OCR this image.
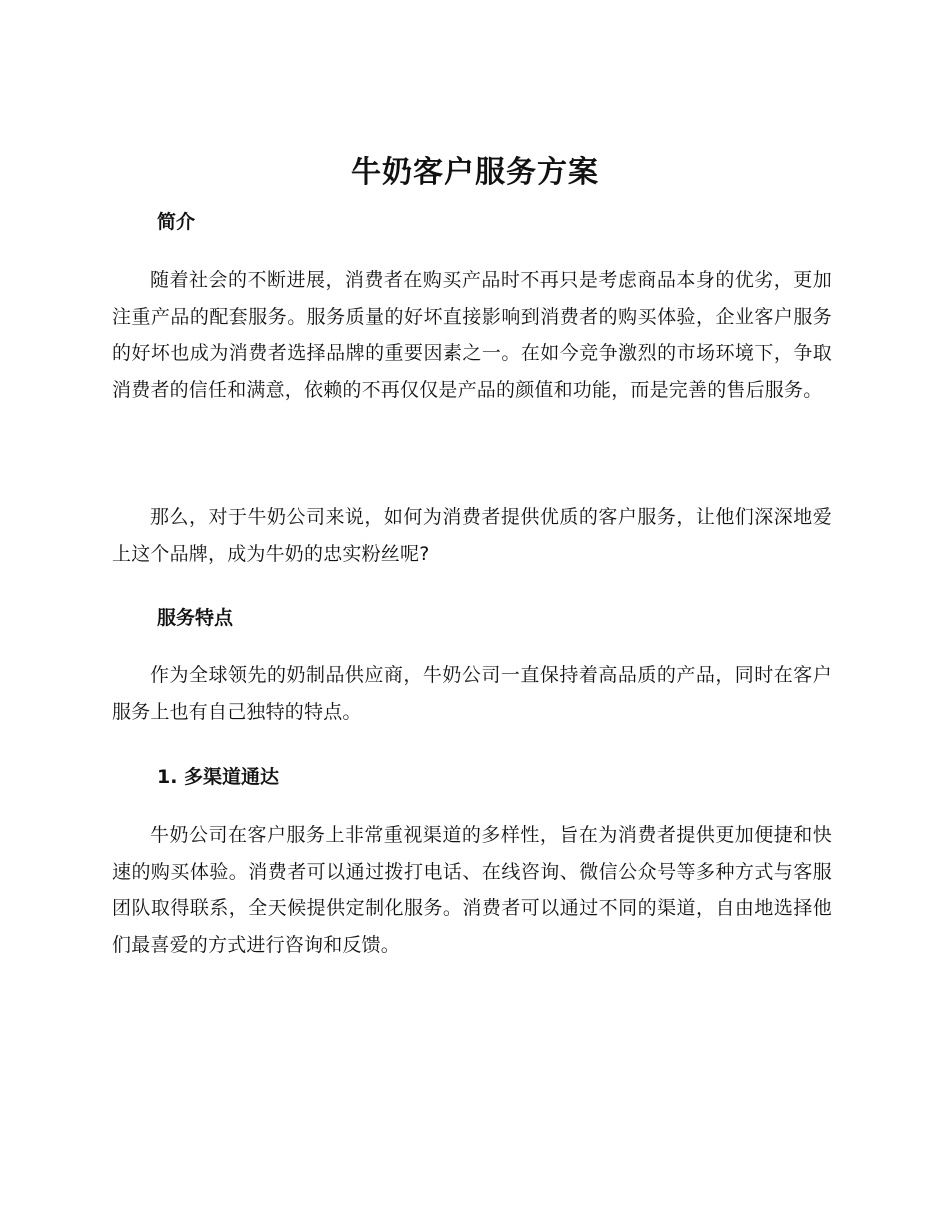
牛奶客户服务方案
简介

随着社会的不断进展，消费者在购买产品时不再只是考虑商品本身的优劣，更加注重产品的配套服务。服务质量的好坏直接影响到消费者的购买体验，企业客户服务的好坏也成为消费者选择品牌的重要因素之一。在如今竞争激烈的市场环境下，争取消费者的信任和满意，依赖的不再仅仅是产品的颜值和功能，而是完善的售后服务。

那么，对于牛奶公司来说，如何为消费者提供优质的客户服务，让他们深深地爱上这个品牌，成为牛奶的忠实粉丝呢?

服务特点

作为全球领先的奶制品供应商，牛奶公司一直保持着高品质的产品，同时在客户服务上也有自己独特的特点。

1. 多渠道通达

牛奶公司在客户服务上非常重视渠道的多样性，旨在为消费者提供更加便捷和快速的购买体验。消费者可以通过拨打电话、在线咨询、微信公众号等多种方式与客服团队取得联系，全天候提供定制化服务。消费者可以通过不同的渠道，自由地选择他们最喜爱的方式进行咨询和反馈。
